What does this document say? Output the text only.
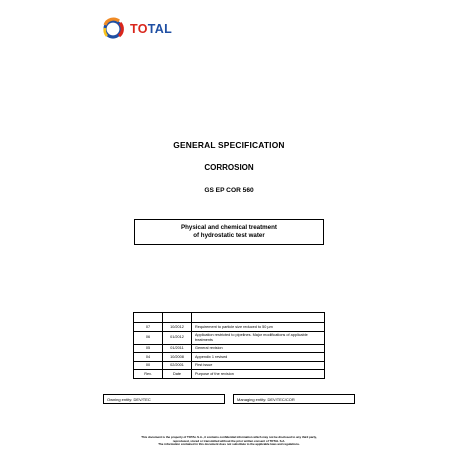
TOTAL
GENERAL SPECIFICATION
CORROSION
GS EP COR 560
Physical and chemical treatment
of hydrostatic test water

07	10/2012	Requirement to particle size reduced to 50 µm
06	01/2012	Application restricted to pipelines. Major modifications of applicable treatments
05	01/2011	General revision
04	10/2008	Appendix 1 revised
00	02/2001	First issue
Rev.	Date	Purpose of the revision
Owning entity: DEV/TEC	Managing entity: DEV/TEC/COR
This document is the property of TOTAL S.A., it contains confidential information which may not be disclosed to any third party,
reproduced, stored or transmitted without the prior written consent of TOTAL S.A.
The information contained in this document does not substitute to the applicable laws and regulations.
